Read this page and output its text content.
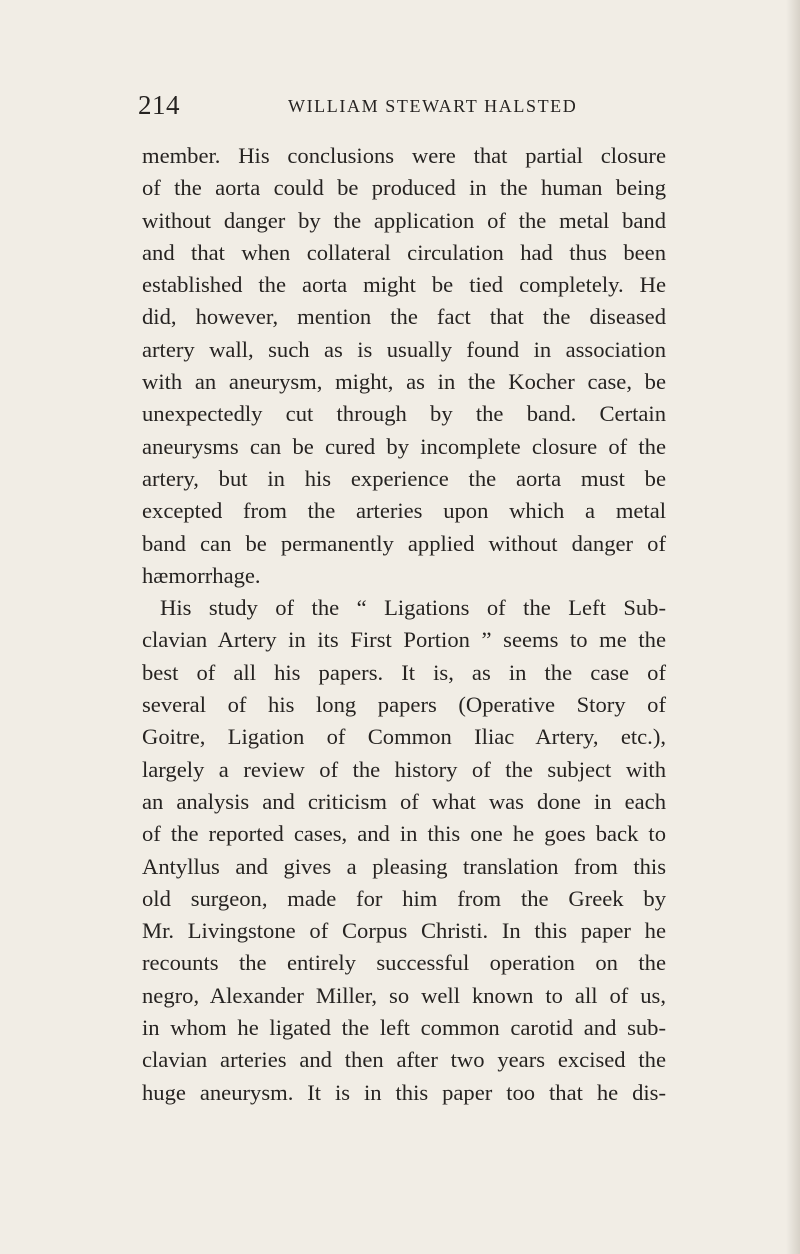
214	WILLIAM STEWART HALSTED
member. His conclusions were that partial closure
of the aorta could be produced in the human being
without danger by the application of the metal band
and that when collateral circulation had thus been
established the aorta might be tied completely. He
did, however, mention the fact that the diseased
artery wall, such as is usually found in association
with an aneurysm, might, as in the Kocher case, be
unexpectedly cut through by the band. Certain
aneurysms can be cured by incomplete closure of the
artery, but in his experience the aorta must be
excepted from the arteries upon which a metal
band can be permanently applied without danger of
hæmorrhage.
His study of the “ Ligations of the Left Sub-
clavian Artery in its First Portion ” seems to me the
best of all his papers. It is, as in the case of
several of his long papers (Operative Story of
Goitre, Ligation of Common Iliac Artery, etc.),
largely a review of the history of the subject with
an analysis and criticism of what was done in each
of the reported cases, and in this one he goes back to
Antyllus and gives a pleasing translation from this
old surgeon, made for him from the Greek by
Mr. Livingstone of Corpus Christi. In this paper he
recounts the entirely successful operation on the
negro, Alexander Miller, so well known to all of us,
in whom he ligated the left common carotid and sub-
clavian arteries and then after two years excised the
huge aneurysm. It is in this paper too that he dis-
